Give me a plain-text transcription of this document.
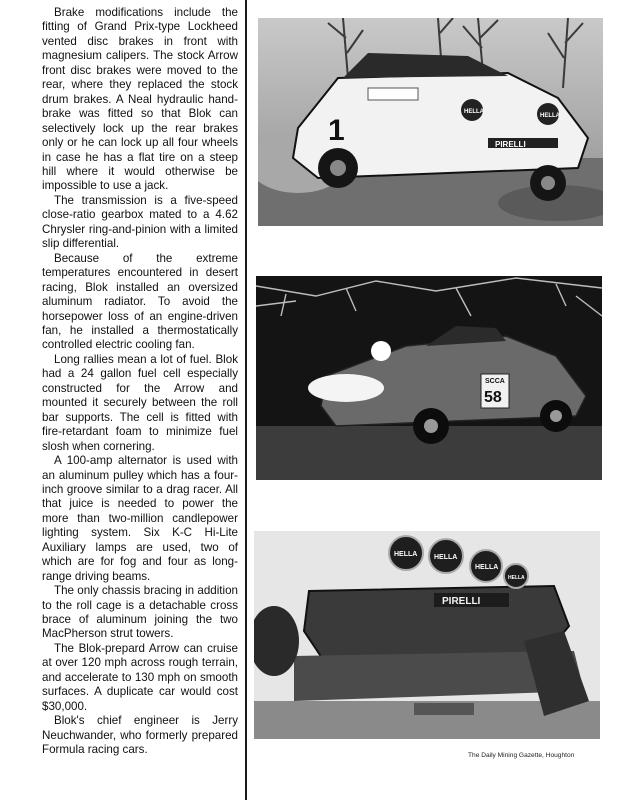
Brake modifications include the fitting of Grand Prix-type Lockheed vented disc brakes in front with magnesium calipers. The stock Arrow front disc brakes were moved to the rear, where they replaced the stock drum brakes. A Neal hydraulic hand-brake was fitted so that Blok can selectively lock up the rear brakes only or he can lock up all four wheels in case he has a flat tire on a steep hill where it would otherwise be impossible to use a jack.

The transmission is a five-speed close-ratio gearbox mated to a 4.62 Chrysler ring-and-pinion with a limited slip differential.

Because of the extreme temperatures encountered in desert racing, Blok installed an oversized aluminum radiator. To avoid the horsepower loss of an engine-driven fan, he installed a thermostatically controlled electric cooling fan.

Long rallies mean a lot of fuel. Blok had a 24 gallon fuel cell especially constructed for the Arrow and mounted it securely between the roll bar supports. The cell is fitted with fire-retardant foam to minimize fuel slosh when cornering.

A 100-amp alternator is used with an aluminum pulley which has a four-inch groove similar to a drag racer. All that juice is needed to power the more than two-million candlepower lighting system. Six K-C Hi-Lite Auxiliary lamps are used, two of which are for fog and four as long-range driving beams.

The only chassis bracing in addition to the roll cage is a detachable cross brace of aluminum joining the two MacPherson strut towers.

The Blok-prepard Arrow can cruise at over 120 mph across rough terrain, and accelerate to 130 mph on smooth surfaces. A duplicate car would cost $30,000.

Blok's chief engineer is Jerry Neuchwander, who formerly prepared Formula racing cars.

PIRELLI
1
HELLA
HELLA
SCCA
58
PIRELLI
HELLA HELLA
HELLA
HELLA
The Daily Mining Gazette, Houghton
